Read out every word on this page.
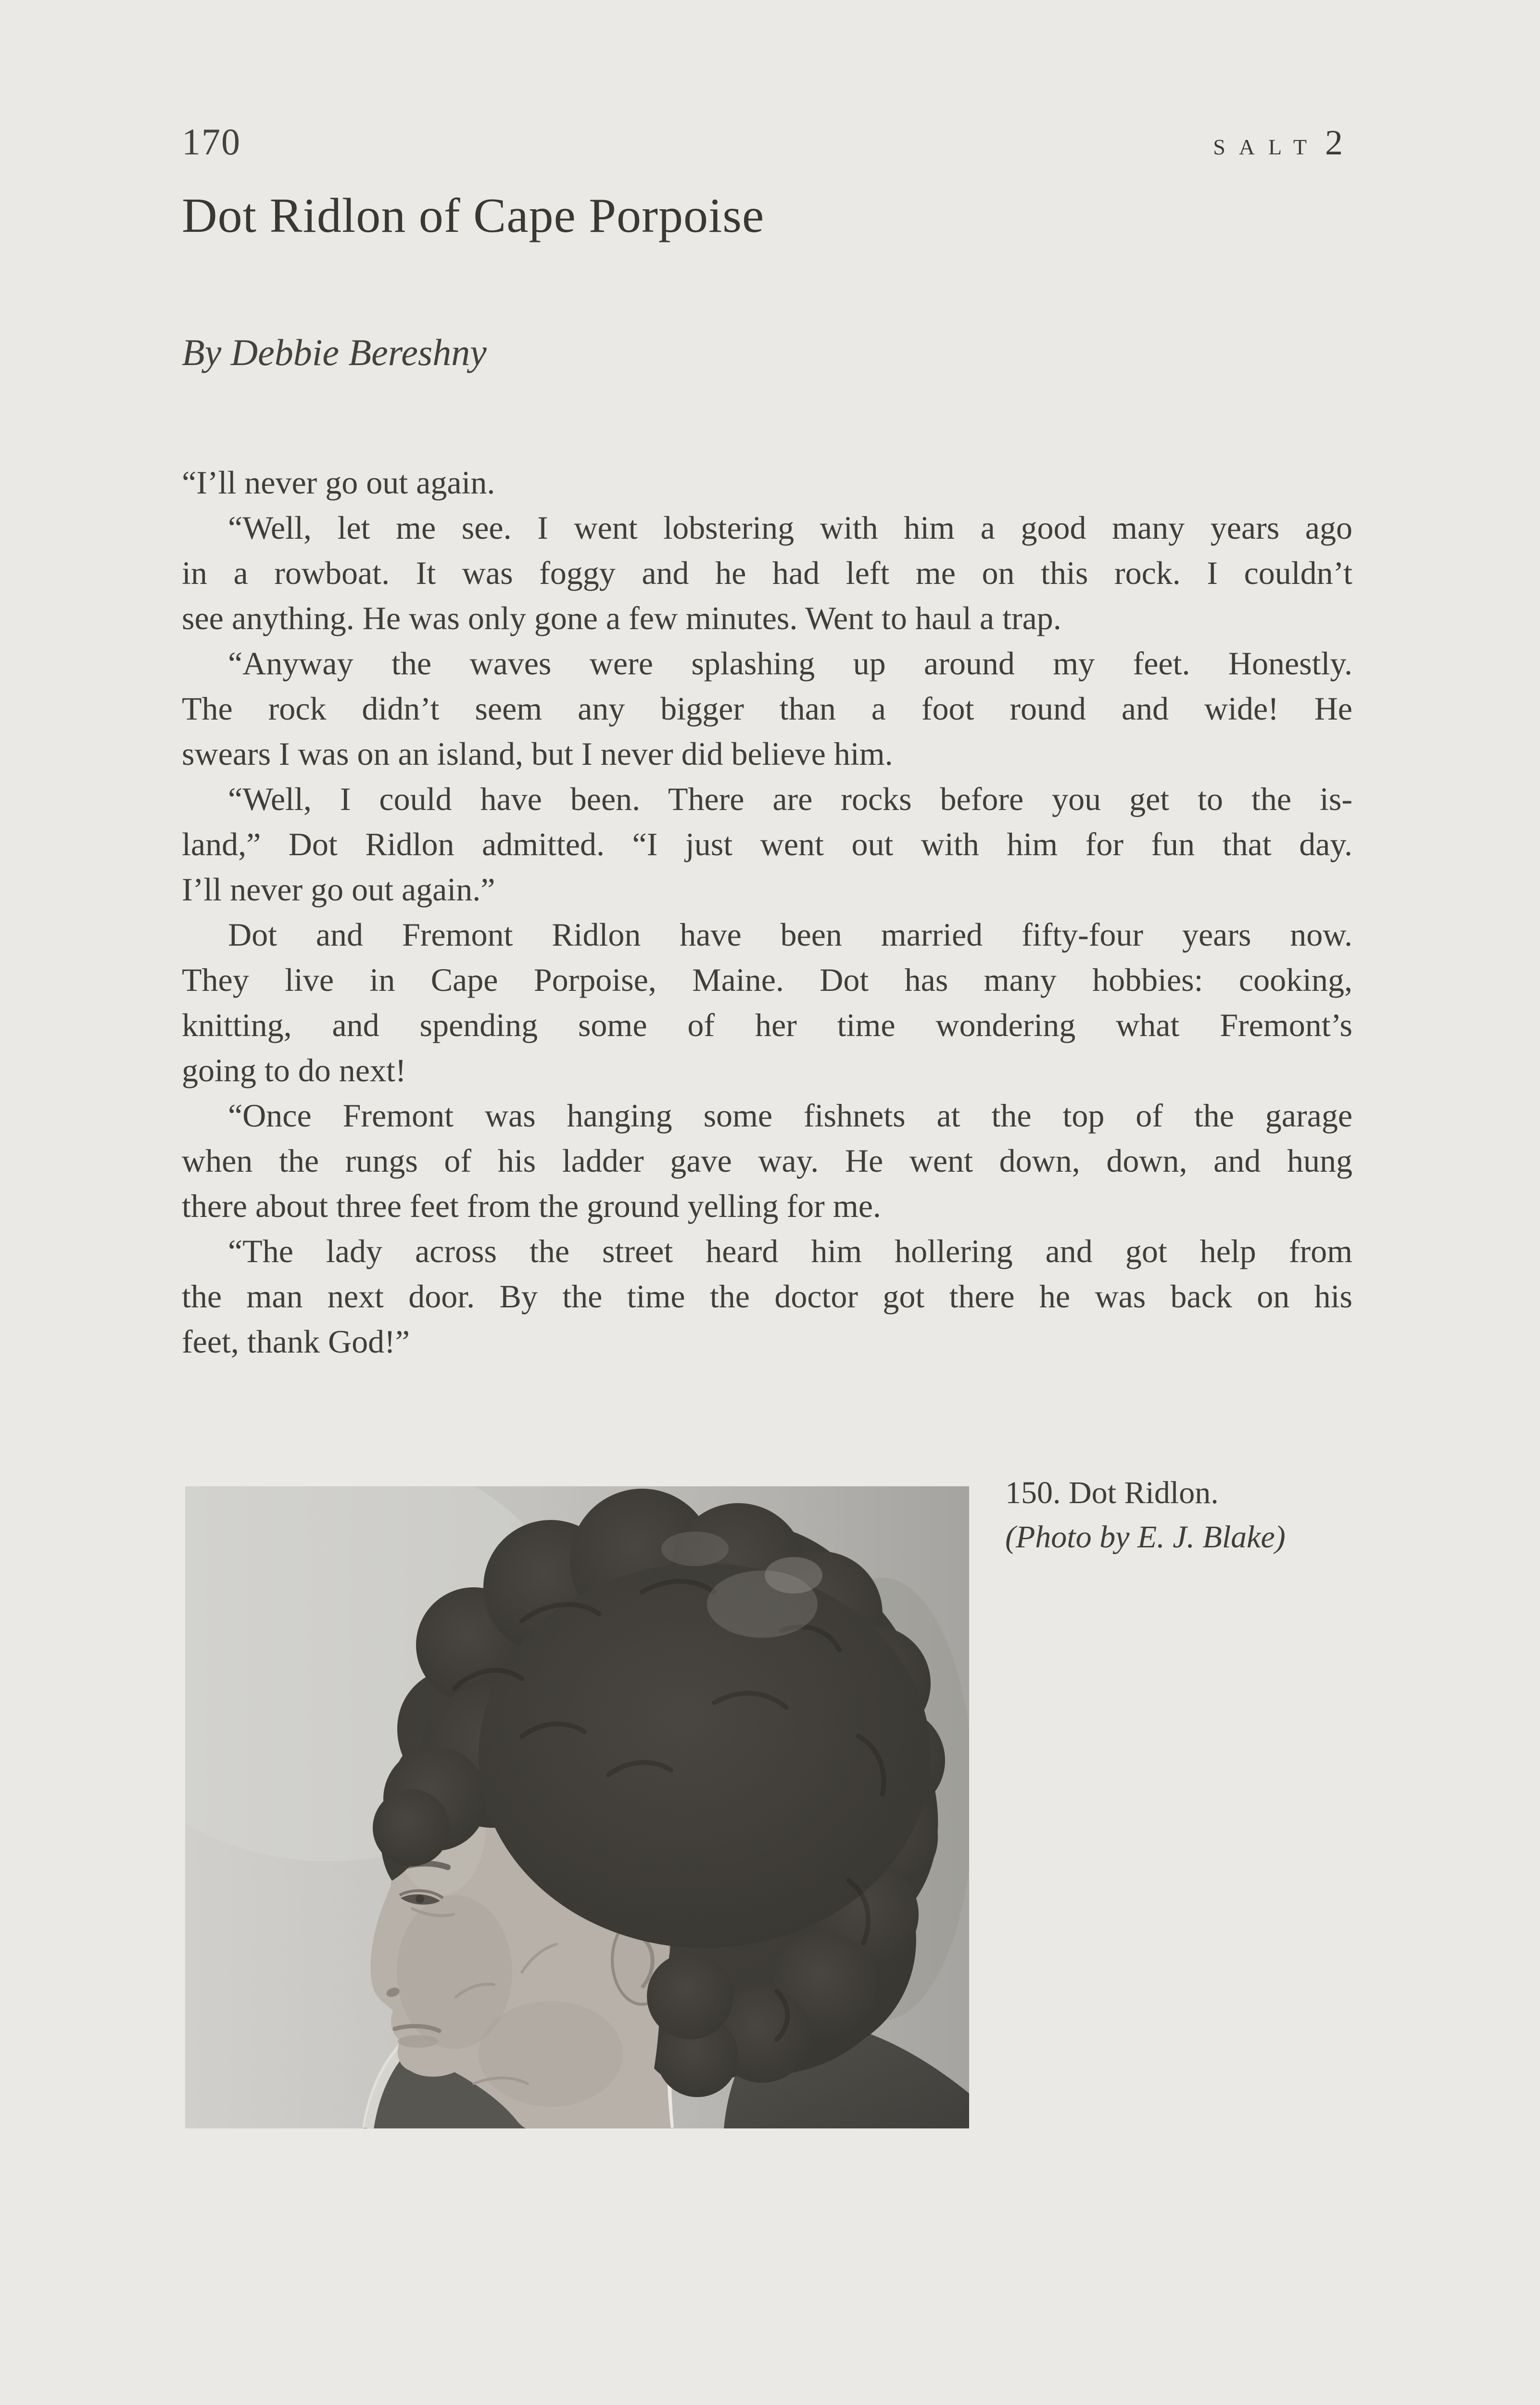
170	SALT 2
Dot Ridlon of Cape Porpoise
By Debbie Bereshny
“I’ll never go out again.
“Well, let me see. I went lobstering with him a good many years ago
in a rowboat. It was foggy and he had left me on this rock. I couldn’t
see anything. He was only gone a few minutes. Went to haul a trap.
“Anyway the waves were splashing up around my feet. Honestly.
The rock didn’t seem any bigger than a foot round and wide! He
swears I was on an island, but I never did believe him.
“Well, I could have been. There are rocks before you get to the is-
land,” Dot Ridlon admitted. “I just went out with him for fun that day.
I’ll never go out again.”
Dot and Fremont Ridlon have been married fifty-four years now.
They live in Cape Porpoise, Maine. Dot has many hobbies: cooking,
knitting, and spending some of her time wondering what Fremont’s
going to do next!
“Once Fremont was hanging some fishnets at the top of the garage
when the rungs of his ladder gave way. He went down, down, and hung
there about three feet from the ground yelling for me.
“The lady across the street heard him hollering and got help from
the man next door. By the time the doctor got there he was back on his
feet, thank God!”
150. Dot Ridlon.
(Photo by E. J. Blake)
